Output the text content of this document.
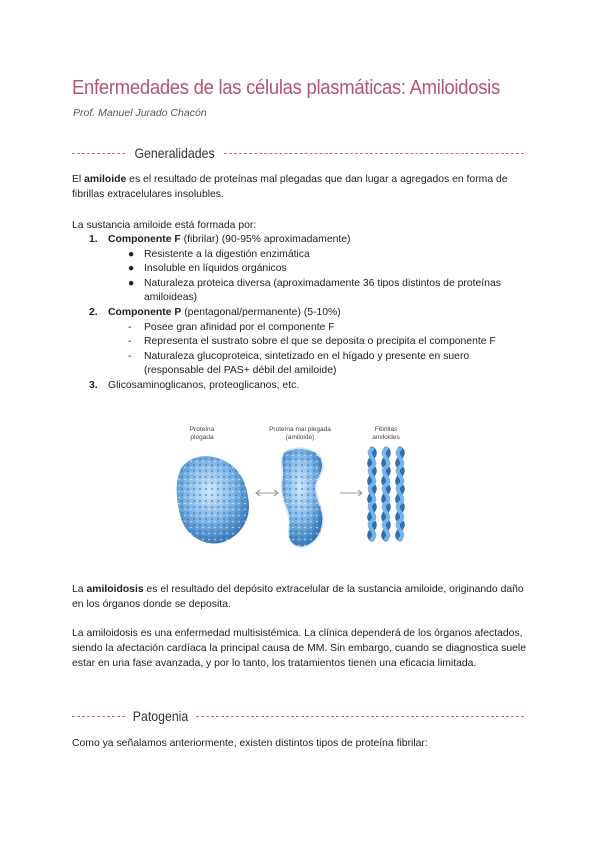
Enfermedades de las células plasmáticas: Amiloidosis
Prof. Manuel Jurado Chacón
Generalidades

El amiloide es el resultado de proteínas mal plegadas que dan lugar a agregados en forma de fibrillas extracelulares insolubles.

La sustancia amiloide está formada por:

1. Componente F (fibrilar) (90-95% aproximadamente)
● Resistente a la digestión enzimática
● Insoluble en líquidos orgánicos
● Naturaleza proteica diversa (aproximadamente 36 tipos distintos de proteínas amiloideas)
2. Componente P (pentagonal/permanente) (5-10%)
- Posee gran afinidad por el componente F
- Representa el sustrato sobre el que se deposita o precipita el componente F
- Naturaleza glucoproteica, sintetizado en el hígado y presente en suero (responsable del PAS+ débil del amiloide)
3. Glicosaminoglicanos, proteoglicanos, etc.
Proteína
plegada
Proteína mal plegada
(amiloide)
Fibrillas
amiloides

La amiloidosis es el resultado del depósito extracelular de la sustancia amiloide, originando daño en los órganos donde se deposita.

La amiloidosis es una enfermedad multisistémica. La clínica dependerá de los órganos afectados, siendo la afectación cardíaca la principal causa de MM. Sin embargo, cuando se diagnostica suele estar en una fase avanzada, y por lo tanto, los tratamientos tienen una eficacia limitada.

Patogenia

Como ya señalamos anteriormente, existen distintos tipos de proteína fibrilar:
